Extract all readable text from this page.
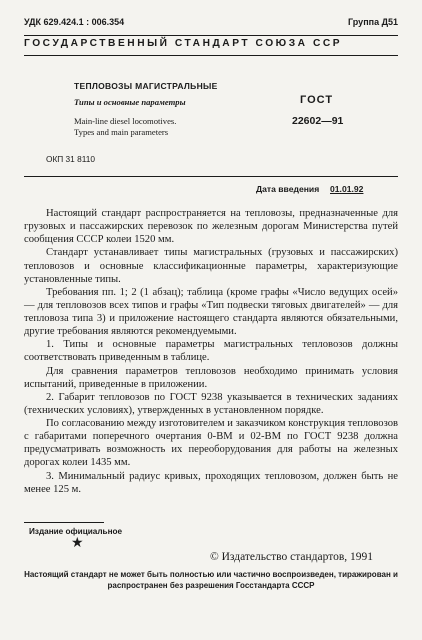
УДК 629.424.1 : 006.354	Группа Д51
ГОСУДАРСТВЕННЫЙ СТАНДАРТ СОЮЗА ССР
ТЕПЛОВОЗЫ МАГИСТРАЛЬНЫЕ
Типы и основные параметры
Main-line diesel locomotives.
Types and main parameters
ГОСТ
22602—91
ОКП 31 8110
Дата введения 01.01.92

Настоящий стандарт распространяется на тепловозы, предназначенные для грузовых и пассажирских перевозок по железным дорогам Министерства путей сообщения СССР колеи 1520 мм.

Стандарт устанавливает типы магистральных (грузовых и пассажирских) тепловозов и основные классификационные параметры, характеризующие установленные типы.

Требования пп. 1; 2 (1 абзац); таблица (кроме графы «Число ведущих осей» — для тепловозов всех типов и графы «Тип подвески тяговых двигателей» — для тепловоза типа 3) и приложение настоящего стандарта являются обязательными, другие требования являются рекомендуемыми.

1. Типы и основные параметры магистральных тепловозов должны соответствовать приведенным в таблице.

Для сравнения параметров тепловозов необходимо принимать условия испытаний, приведенные в приложении.

2. Габарит тепловозов по ГОСТ 9238 указывается в технических заданиях (технических условиях), утвержденных в установленном порядке.

По согласованию между изготовителем и заказчиком конструкция тепловозов с габаритами поперечного очертания 0-ВМ и 02-ВМ по ГОСТ 9238 должна предусматривать возможность их переоборудования для работы на железных дорогах колеи 1435 мм.

3. Минимальный радиус кривых, проходящих тепловозом, должен быть не менее 125 м.

Издание официальное
★
© Издательство стандартов, 1991
Настоящий стандарт не может быть полностью или частично воспроизведен, тиражирован и распространен без разрешения Госстандарта СССР
